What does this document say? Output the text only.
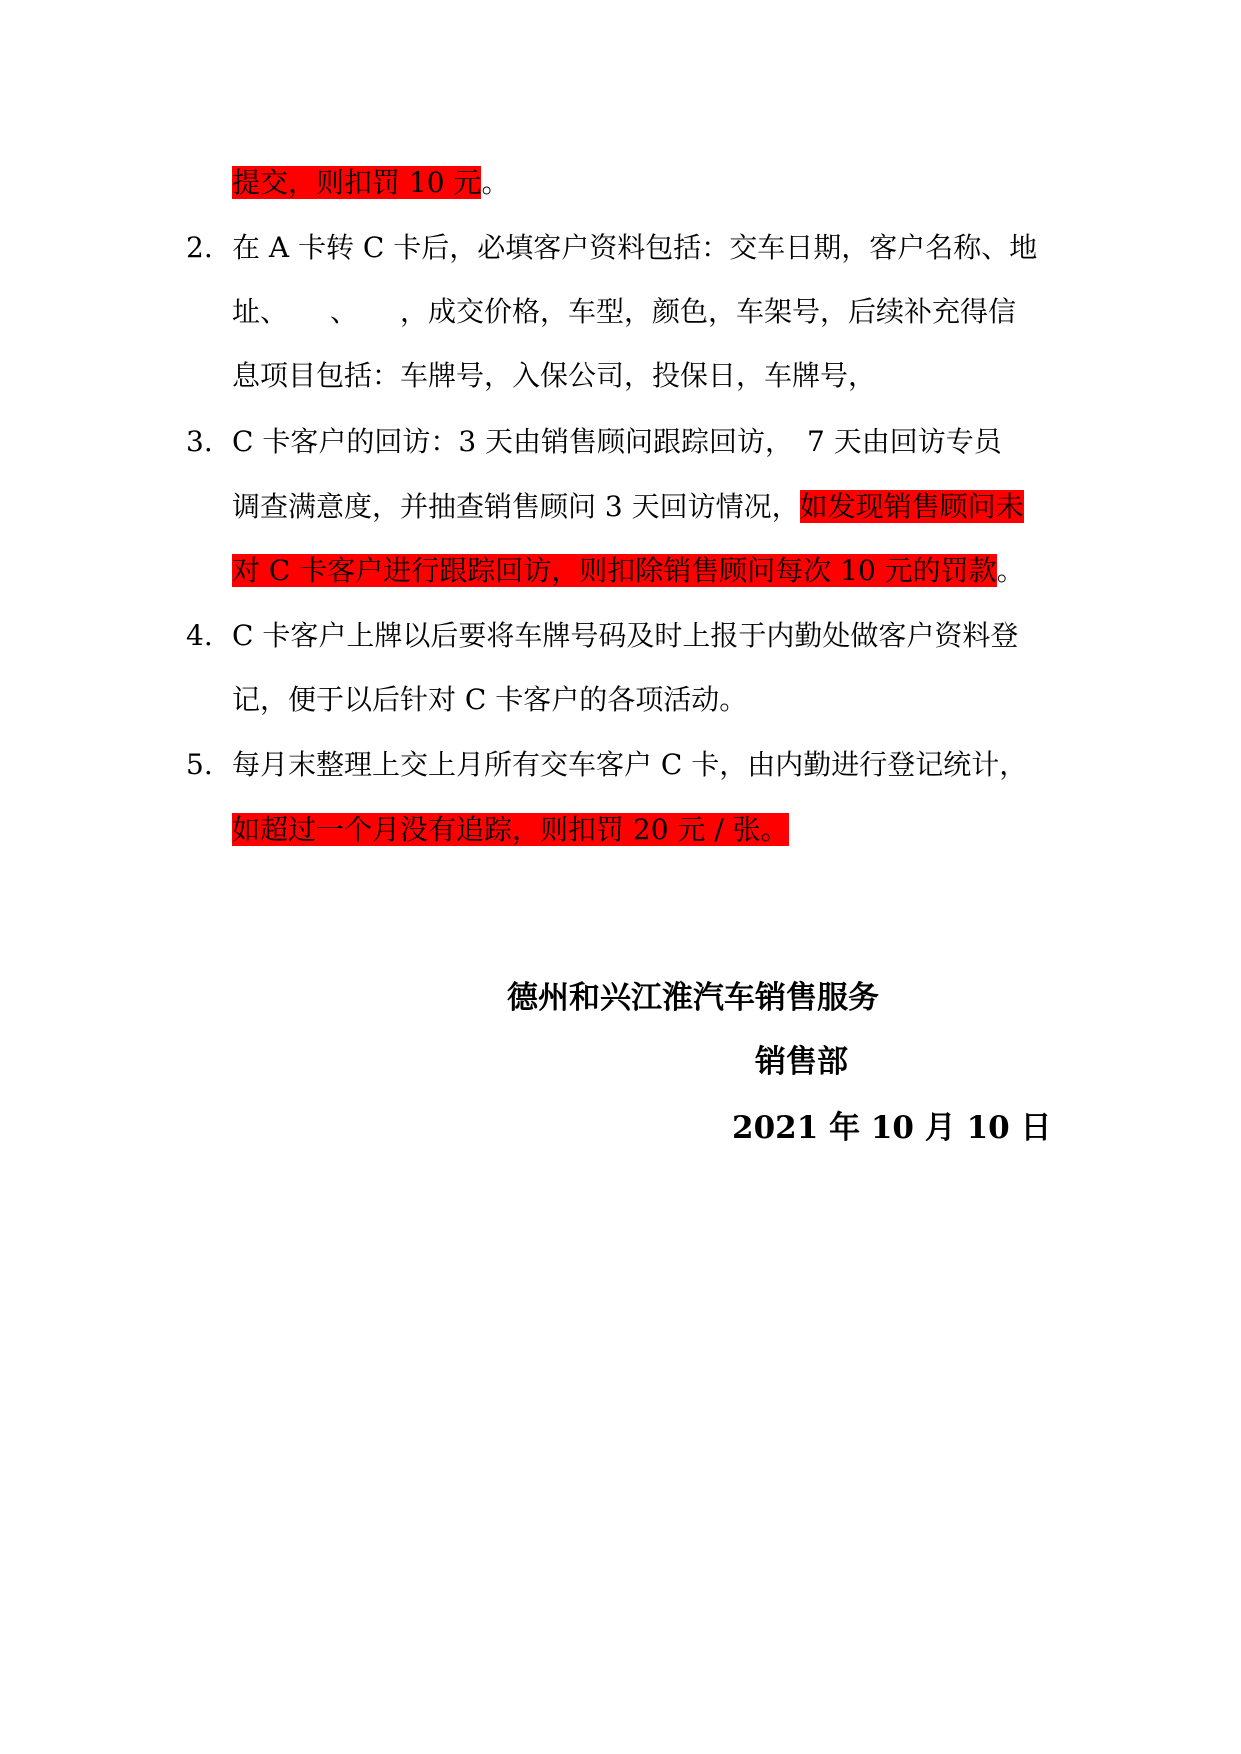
提交，则扣罚 10 元。
2. 在 A 卡转 C 卡后，必填客户资料包括：交车日期，客户名称、地
址、　　、　　，成交价格，车型，颜色，车架号，后续补充得信
息项目包括：车牌号，入保公司，投保日，车牌号，
3. C 卡客户的回访：3 天由销售顾问跟踪回访，　7 天由回访专员
调查满意度，并抽查销售顾问 3 天回访情况，如发现销售顾问未
对 C 卡客户进行跟踪回访，则扣除销售顾问每次 10 元的罚款。
4. C 卡客户上牌以后要将车牌号码及时上报于内勤处做客户资料登
记，便于以后针对 C 卡客户的各项活动。
5. 每月末整理上交上月所有交车客户 C 卡，由内勤进行登记统计，
如超过一个月没有追踪，则扣罚 20 元 / 张。
德州和兴江淮汽车销售服务
销售部
2021 年 10 月 10 日
